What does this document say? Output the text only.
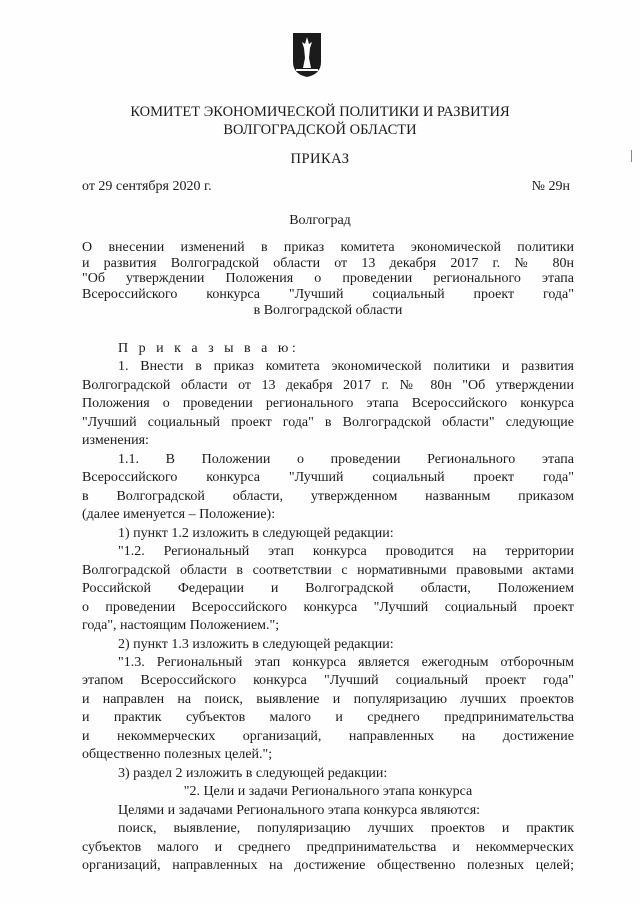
КОМИТЕТ ЭКОНОМИЧЕСКОЙ ПОЛИТИКИ И РАЗВИТИЯ
ВОЛГОГРАДСКОЙ ОБЛАСТИ
ПРИКАЗ
от 29 сентября 2020 г.	№ 29н
Волгоград
О внесении изменений в приказ комитета экономической политики
и развития Волгоградской области от 13 декабря 2017 г. № 80н
"Об утверждении Положения о проведении регионального этапа
Всероссийского конкурса "Лучший социальный проект года"
в Волгоградской области
П р и к а з ы в а ю:
1. Внести в приказ комитета экономической политики и развития
Волгоградской области от 13 декабря 2017 г. № 80н "Об утверждении
Положения о проведении регионального этапа Всероссийского конкурса
"Лучший социальный проект года" в Волгоградской области" следующие
изменения:
1.1. В Положении о проведении Регионального этапа
Всероссийского конкурса "Лучший социальный проект года"
в Волгоградской области, утвержденном названным приказом
(далее именуется – Положение):
1) пункт 1.2 изложить в следующей редакции:
"1.2. Региональный этап конкурса проводится на территории
Волгоградской области в соответствии с нормативными правовыми актами
Российской Федерации и Волгоградской области, Положением
о проведении Всероссийского конкурса "Лучший социальный проект
года", настоящим Положением.";
2) пункт 1.3 изложить в следующей редакции:
"1.3. Региональный этап конкурса является ежегодным отборочным
этапом Всероссийского конкурса "Лучший социальный проект года"
и направлен на поиск, выявление и популяризацию лучших проектов
и практик субъектов малого и среднего предпринимательства
и некоммерческих организаций, направленных на достижение
общественно полезных целей.";
3) раздел 2 изложить в следующей редакции:
"2. Цели и задачи Регионального этапа конкурса
Целями и задачами Регионального этапа конкурса являются:
поиск, выявление, популяризацию лучших проектов и практик
субъектов малого и среднего предпринимательства и некоммерческих
организаций, направленных на достижение общественно полезных целей;
